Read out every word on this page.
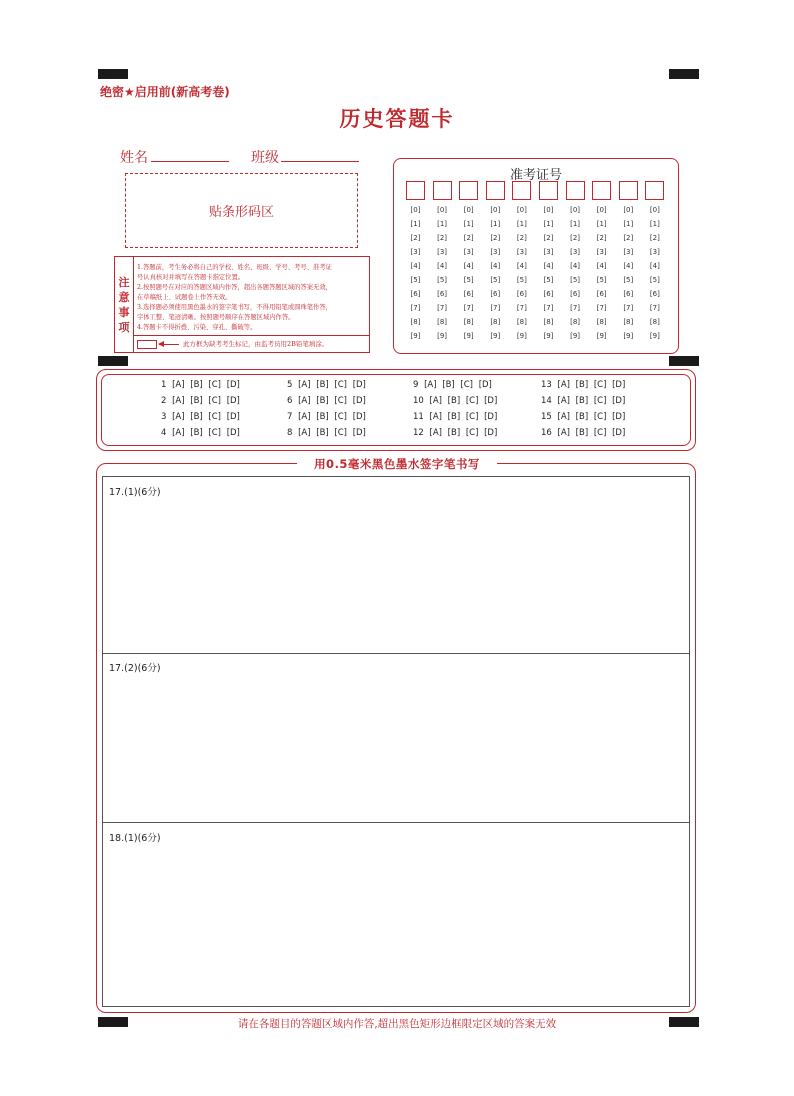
绝密★启用前(新高考卷)
历史答题卡
姓名	班级
贴条形码区
注
意
事
项
1.答题前，考生务必将自己的学校、姓名、班级、学号、考号、准考证
号认真核对并填写在答题卡指定位置。
2.按照题号在对应的答题区域内作答，超出各题答题区域的答案无效，
在草稿纸上、试题卷上作答无效。
3.选择题必须使用黑色墨水的签字笔书写，不得用铅笔或圆珠笔作答，
字体工整、笔迹清晰。按照题号顺序在答题区域内作答。
4.答题卡不得折叠、污染、穿孔、撕破等。
此方框为缺考考生标记，由监考员用2B铅笔填涂。
准考证号
[0]
[1]
[2]
[3]
[4]
[5]
[6]
[7]
[8]
[9]
[0]
[1]
[2]
[3]
[4]
[5]
[6]
[7]
[8]
[9]
[0]
[1]
[2]
[3]
[4]
[5]
[6]
[7]
[8]
[9]
[0]
[1]
[2]
[3]
[4]
[5]
[6]
[7]
[8]
[9]
[0]
[1]
[2]
[3]
[4]
[5]
[6]
[7]
[8]
[9]
[0]
[1]
[2]
[3]
[4]
[5]
[6]
[7]
[8]
[9]
[0]
[1]
[2]
[3]
[4]
[5]
[6]
[7]
[8]
[9]
[0]
[1]
[2]
[3]
[4]
[5]
[6]
[7]
[8]
[9]
[0]
[1]
[2]
[3]
[4]
[5]
[6]
[7]
[8]
[9]
[0]
[1]
[2]
[3]
[4]
[5]
[6]
[7]
[8]
[9]
1 [A] [B] [C] [D]
2 [A] [B] [C] [D]
3 [A] [B] [C] [D]
4 [A] [B] [C] [D]
5 [A] [B] [C] [D]
6 [A] [B] [C] [D]
7 [A] [B] [C] [D]
8 [A] [B] [C] [D]
9 [A] [B] [C] [D]
10 [A] [B] [C] [D]
11 [A] [B] [C] [D]
12 [A] [B] [C] [D]
13 [A] [B] [C] [D]
14 [A] [B] [C] [D]
15 [A] [B] [C] [D]
16 [A] [B] [C] [D]
用0.5毫米黑色墨水签字笔书写
17.(1)(6分)
17.(2)(6分)
18.(1)(6分)
请在各题目的答题区域内作答,超出黑色矩形边框限定区域的答案无效
